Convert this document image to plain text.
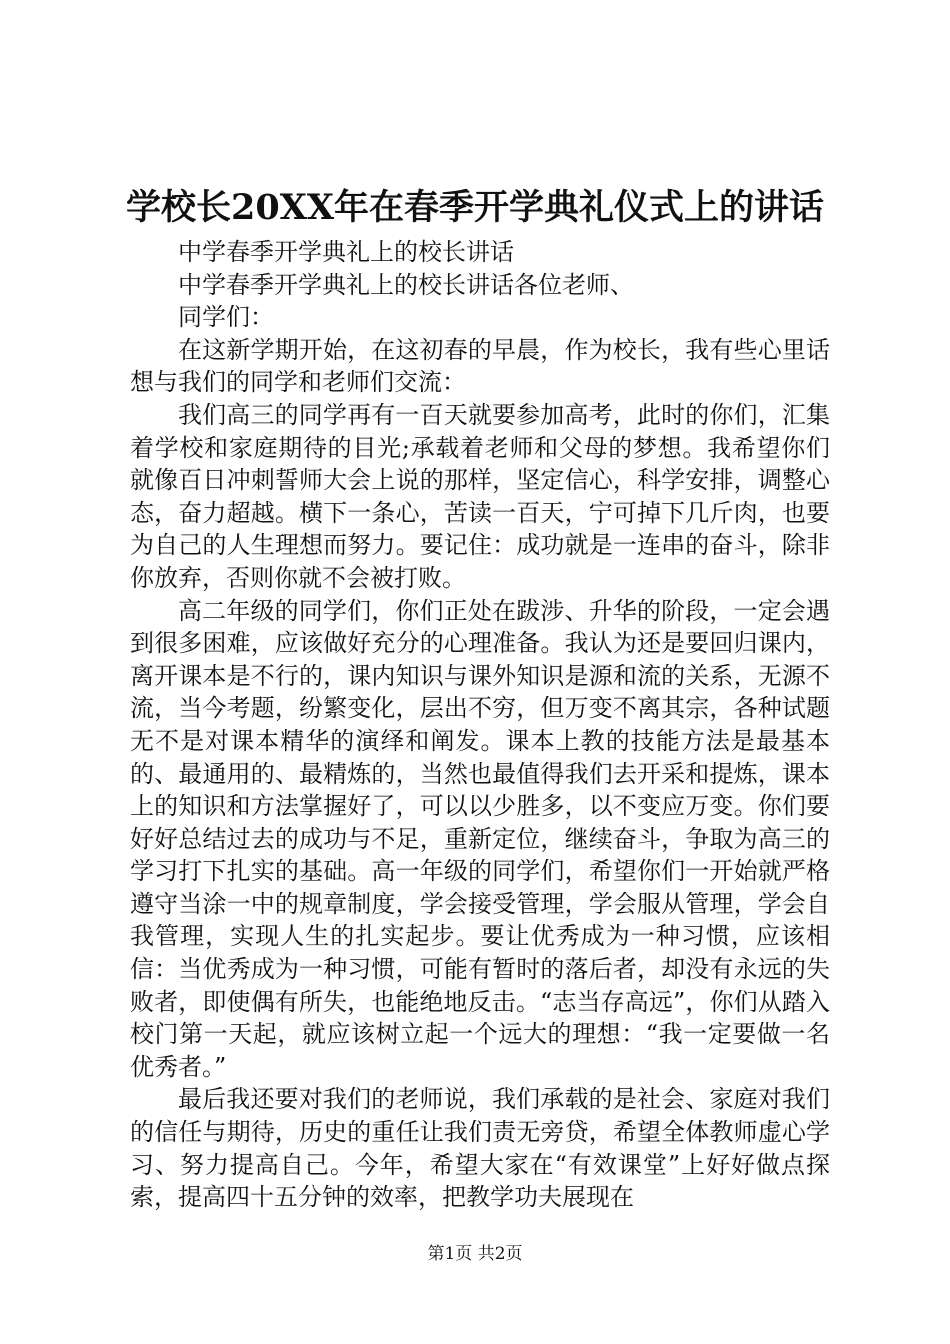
学校长20XX年在春季开学典礼仪式上的讲话

中学春季开学典礼上的校长讲话

中学春季开学典礼上的校长讲话各位老师、

同学们：

在这新学期开始，在这初春的早晨，作为校长，我有些心里话想与我们的同学和老师们交流：

我们高三的同学再有一百天就要参加高考，此时的你们，汇集着学校和家庭期待的目光;承载着老师和父母的梦想。我希望你们就像百日冲刺誓师大会上说的那样，坚定信心，科学安排，调整心态，奋力超越。横下一条心，苦读一百天，宁可掉下几斤肉，也要为自己的人生理想而努力。要记住：成功就是一连串的奋斗，除非你放弃，否则你就不会被打败。

高二年级的同学们，你们正处在跋涉、升华的阶段，一定会遇到很多困难，应该做好充分的心理准备。我认为还是要回归课内，离开课本是不行的，课内知识与课外知识是源和流的关系，无源不流，当今考题，纷繁变化，层出不穷，但万变不离其宗，各种试题无不是对课本精华的演绎和阐发。课本上教的技能方法是最基本的、最通用的、最精炼的，当然也最值得我们去开采和提炼，课本上的知识和方法掌握好了，可以以少胜多，以不变应万变。你们要好好总结过去的成功与不足，重新定位，继续奋斗，争取为高三的学习打下扎实的基础。高一年级的同学们，希望你们一开始就严格遵守当涂一中的规章制度，学会接受管理，学会服从管理，学会自我管理，实现人生的扎实起步。要让优秀成为一种习惯，应该相信：当优秀成为一种习惯，可能有暂时的落后者，却没有永远的失败者，即使偶有所失，也能绝地反击。“志当存高远”，你们从踏入校门第一天起，就应该树立起一个远大的理想：“我一定要做一名优秀者。”

最后我还要对我们的老师说，我们承载的是社会、家庭对我们的信任与期待，历史的重任让我们责无旁贷，希望全体教师虚心学习、努力提高自己。今年，希望大家在“有效课堂”上好好做点探索，提高四十五分钟的效率，把教学功夫展现在

第1页 共2页
